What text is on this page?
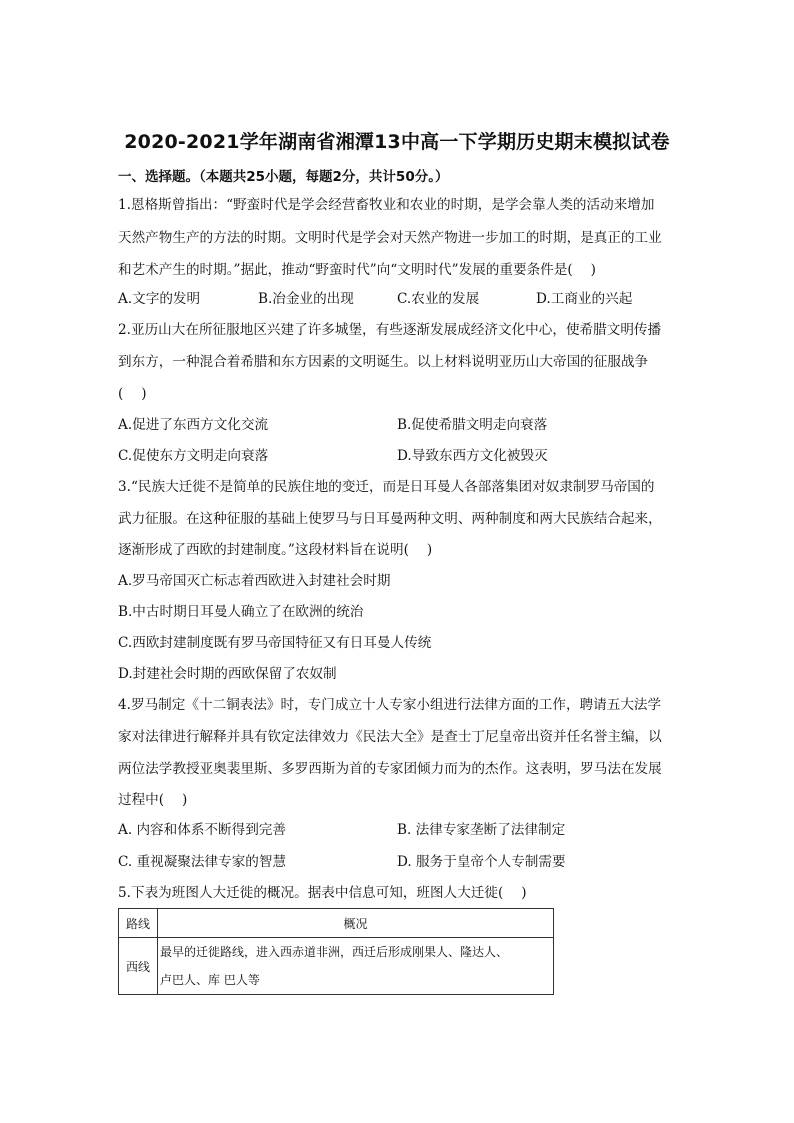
2020-2021学年湖南省湘潭13中高一下学期历史期末模拟试卷
一、选择题。（本题共25小题，每题2分，共计50分。）
1.恩格斯曾指出：“野蛮时代是学会经营畜牧业和农业的时期，是学会靠人类的活动来增加
天然产物生产的方法的时期。文明时代是学会对天然产物进一步加工的时期，是真正的工业
和艺术产生的时期。”据此，推动“野蛮时代”向“文明时代”发展的重要条件是(　 )
A.文字的发明	B.冶金业的出现	C.农业的发展	D.工商业的兴起
2.亚历山大在所征服地区兴建了许多城堡，有些逐渐发展成经济文化中心，使希腊文明传播
到东方，一种混合着希腊和东方因素的文明诞生。以上材料说明亚历山大帝国的征服战争
(　 )
A.促进了东西方文化交流	B.促使希腊文明走向衰落
C.促使东方文明走向衰落	D.导致东西方文化被毁灭
3.“民族大迁徙不是简单的民族住地的变迁，而是日耳曼人各部落集团对奴隶制罗马帝国的
武力征服。在这种征服的基础上使罗马与日耳曼两种文明、两种制度和两大民族结合起来，
逐渐形成了西欧的封建制度。”这段材料旨在说明(　 )
A.罗马帝国灭亡标志着西欧进入封建社会时期
B.中古时期日耳曼人确立了在欧洲的统治
C.西欧封建制度既有罗马帝国特征又有日耳曼人传统
D.封建社会时期的西欧保留了农奴制
4.罗马制定《十二铜表法》时，专门成立十人专家小组进行法律方面的工作，聘请五大法学
家对法律进行解释并具有钦定法律效力《民法大全》是查士丁尼皇帝出资并任名誉主编，以
两位法学教授亚奥裴里斯、多罗西斯为首的专家团倾力而为的杰作。这表明，罗马法在发展
过程中(　 )
A. 内容和体系不断得到完善	B. 法律专家垄断了法律制定
C. 重视凝聚法律专家的智慧	D. 服务于皇帝个人专制需要
5.下表为班图人大迁徙的概况。据表中信息可知，班图人大迁徙(　 )
路线	概况
西线	最早的迁徙路线，进入西赤道非洲，西迁后形成刚果人、隆达人、
卢巴人、库 巴人等
